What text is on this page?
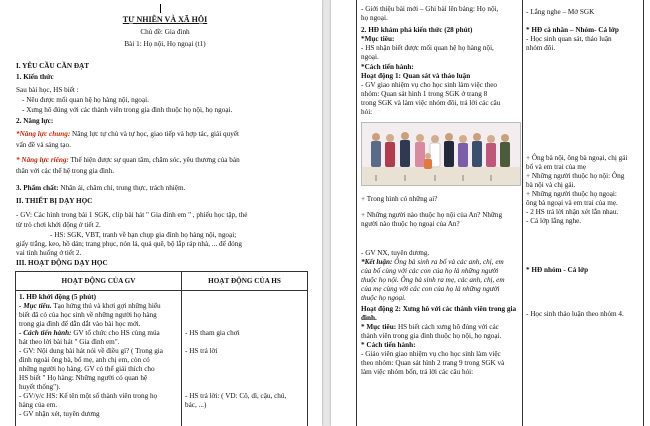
TỰ NHIÊN VÀ XÃ HỘI
Chủ đề: Gia đình
Bài 1: Họ nội, Họ ngoại (t1)
I. YÊU CẦU CẦN ĐẠT
1. Kiến thức
Sau bài học, HS biết :
- Nêu được mối quan hệ họ hàng nội, ngoại.
- Xưng hô đúng với các thành viên trong gia đình thuộc họ nội, họ ngoại.
2. Năng lực:
*Năng lực chung: Năng lực tự chủ và tự học, giao tiếp và hợp tác, giải quyết
vấn đề và sáng tạo.
* Năng lực riêng: Thể hiện được sự quan tâm, chăm sóc, yêu thương của bản
thân với các thể hệ trong gia đình.
3. Phẩm chất: Nhân ái, chăm chỉ, trung thực, trách nhiệm.
II. THIẾT BỊ DẠY HỌC
- GV: Các hình trong bài 1 SGK, clip bài hát " Gia đình em " , phiếu học tập, thẻ
từ trò chơi khởi động ở tiết 2.
- HS: SGK, VBT, tranh về bạn chụp gia đình họ hàng nội, ngoại;
giấy trắng, keo, hồ dán; trang phục, nón lá, quả quê, bộ lắp ráp nhà, ... để đóng
vai tình huống ở tiết 2.
III. HOẠT ĐỘNG DẠY HỌC
HOẠT ĐỘNG CỦA GV	HOẠT ĐỘNG CỦA HS
1. HĐ khởi động (5 phút)
- Mục tiêu. Tạo hứng thú và khơi gợi những hiểu
biết đã có của học sinh về những người họ hàng
trong gia đình để dẫn dắt vào bài học mới.
- Cách tiến hành: GV tổ chức cho HS cùng múa
hát theo lời bài hát " Gia đình em".
- GV: Nội dung bài hát nói về điều gì? ( Trong gia
đình ngoài ông bà, bố mẹ, anh chị em, còn có
những người họ hàng. GV có thể giải thích cho
HS biết " Họ hàng: Những người có quan hệ
huyết thống").
- GV/y/c HS: Kể tên một số thành viên trong họ
hàng của em.
- GV nhận xét, tuyên dương
- HS tham gia chơi
- HS trả lời
- HS trả lời: ( VD: Cô, dì, cậu, chú,
bác, ...)
- Giới thiệu bài mới – Ghi bài lên bảng: Họ nội,
họ ngoại.
2. HĐ khám phá kiến thức (28 phút)
*Mục tiêu:
- HS nhận biết được mối quan hệ họ hàng nội,
ngoại.
*Cách tiến hành:
Hoạt động 1: Quan sát và thảo luận
- GV giao nhiệm vụ cho học sinh làm việc theo
nhóm: Quan sát hình 1 trong SGK ở trang 8
trong SGK và làm việc nhóm đôi, trả lời các câu
hỏi:
+ Trong hình có những ai?
+ Những người nào thuộc họ nội của An? Những
người nào thuộc họ ngoại của An?
- GV NX, tuyên dương.
*Kết luận: Ông bà sinh ra bố và các anh, chị, em
của bố cùng với các con của họ là những người
thuộc họ nội. Ông bà sinh ra mẹ, các anh, chị, em
của mẹ cùng với các con của họ là những người
thuộc họ ngoại.
Hoạt động 2: Xưng hô với các thành viên trong gia
đình.
* Mục tiêu: HS biết cách xưng hô đúng với các
thành viên trong gia đình thuộc họ nội, họ ngoại.
* Cách tiến hành:
- Giáo viên giao nhiệm vụ cho học sinh làm việc
theo nhóm: Quan sát hình 2 trang 9 trong SGK và
làm việc nhóm bốn, trả lời các câu hỏi:
- Lắng nghe – Mở SGK
* HĐ cá nhân – Nhóm- Cả lớp
- Học sinh quan sát, thảo luận
nhóm đôi.
+ Ông bà nội, ông bà ngoại, chị gái
bố và em trai của mẹ
+ Những người thuộc họ nội: Ông
bà nội và chị gái.
+ Những người thuộc họ ngoại:
ông bà ngoại và em trai của mẹ.
- 2 HS trả lời nhận xét lẫn nhau.
- Cả lớp lắng nghe.
* HĐ nhóm - Cả lớp
- Học sinh thảo luận theo nhóm 4.
